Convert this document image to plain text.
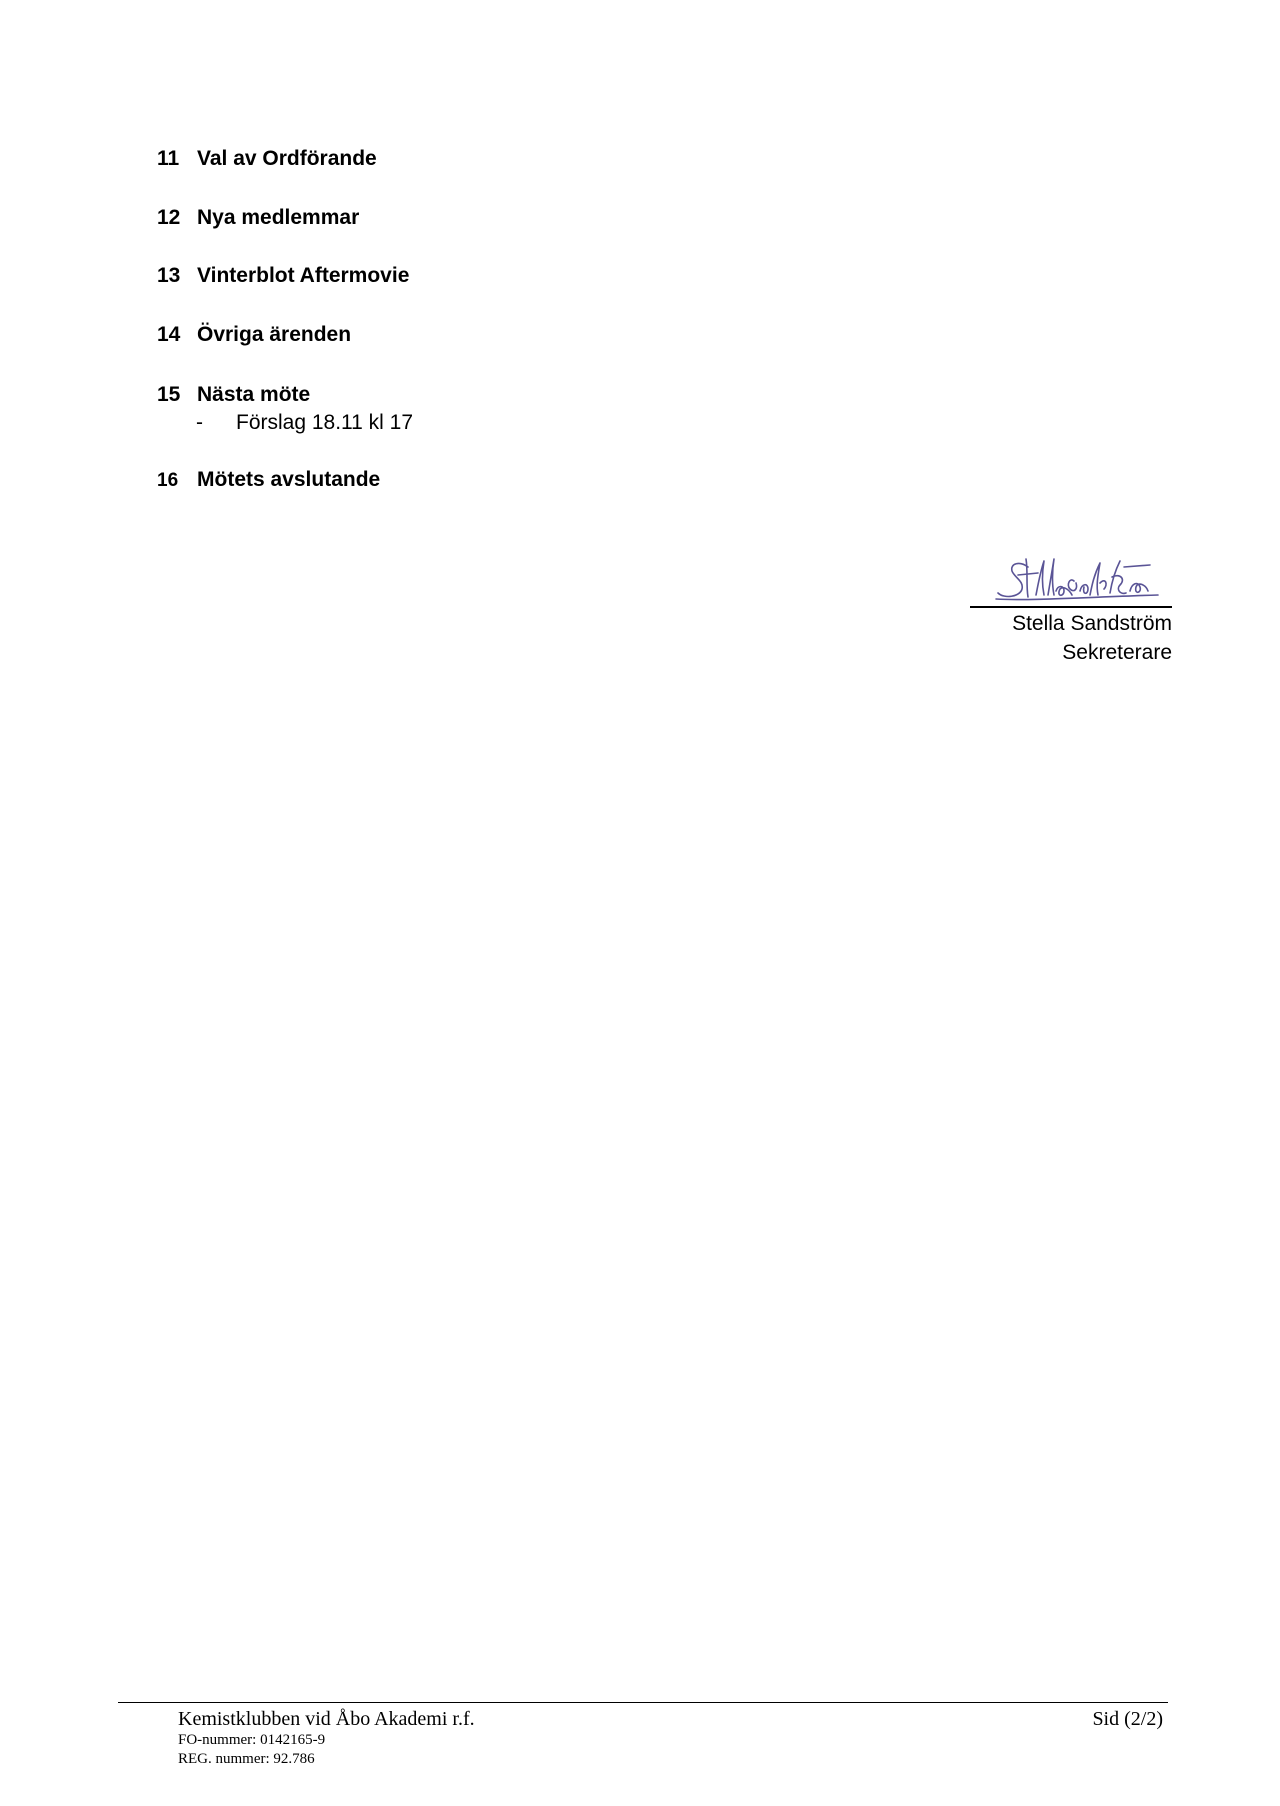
11 Val av Ordförande
12 Nya medlemmar
13 Vinterblot Aftermovie
14 Övriga ärenden
15 Nästa möte
- Förslag 18.11 kl 17
16 Mötets avslutande
Stella Sandström
Sekreterare
Kemistklubben vid Åbo Akademi r.f.
FO-nummer: 0142165-9
REG. nummer: 92.786
Sid (2/2)
